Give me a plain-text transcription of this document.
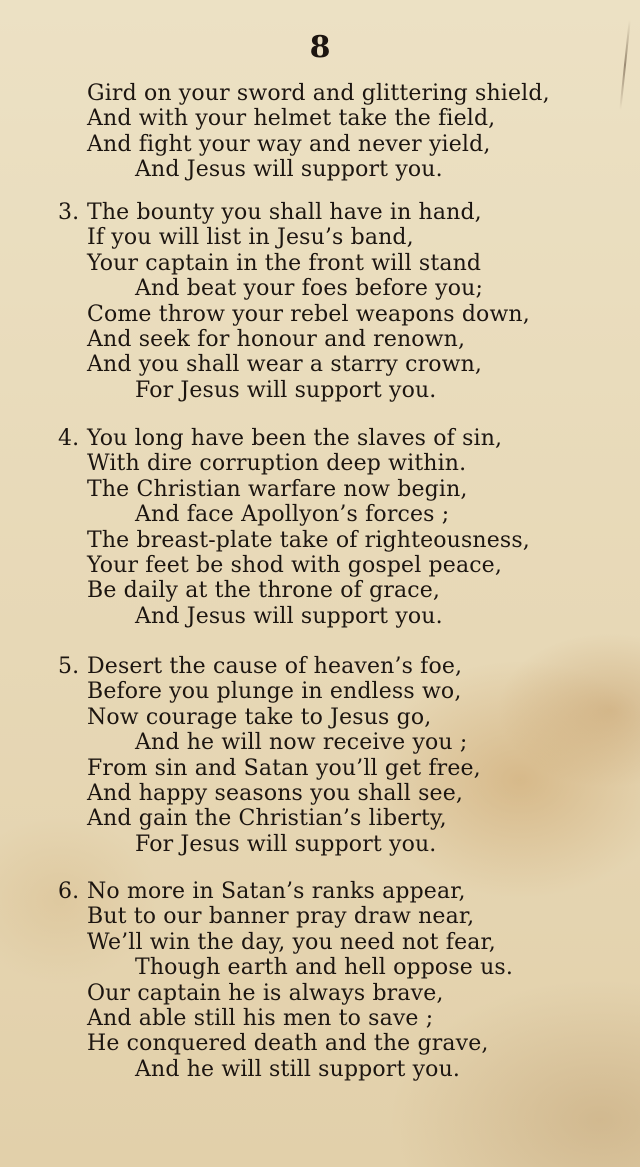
8
Gird on your sword and glittering shield,
And with your helmet take the field,
And fight your way and never yield,
And Jesus will support you.
3. The bounty you shall have in hand,
If you will list in Jesu’s band,
Your captain in the front will stand
And beat your foes before you;
Come throw your rebel weapons down,
And seek for honour and renown,
And you shall wear a starry crown,
For Jesus will support you.
4. You long have been the slaves of sin,
With dire corruption deep within.
The Christian warfare now begin,
And face Apollyon’s forces ;
The breast-plate take of righteousness,
Your feet be shod with gospel peace,
Be daily at the throne of grace,
And Jesus will support you.
5. Desert the cause of heaven’s foe,
Before you plunge in endless wo,
Now courage take to Jesus go,
And he will now receive you ;
From sin and Satan you’ll get free,
And happy seasons you shall see,
And gain the Christian’s liberty,
For Jesus will support you.
6. No more in Satan’s ranks appear,
But to our banner pray draw near,
We’ll win the day, you need not fear,
Though earth and hell oppose us.
Our captain he is always brave,
And able still his men to save ;
He conquered death and the grave,
And he will still support you.
